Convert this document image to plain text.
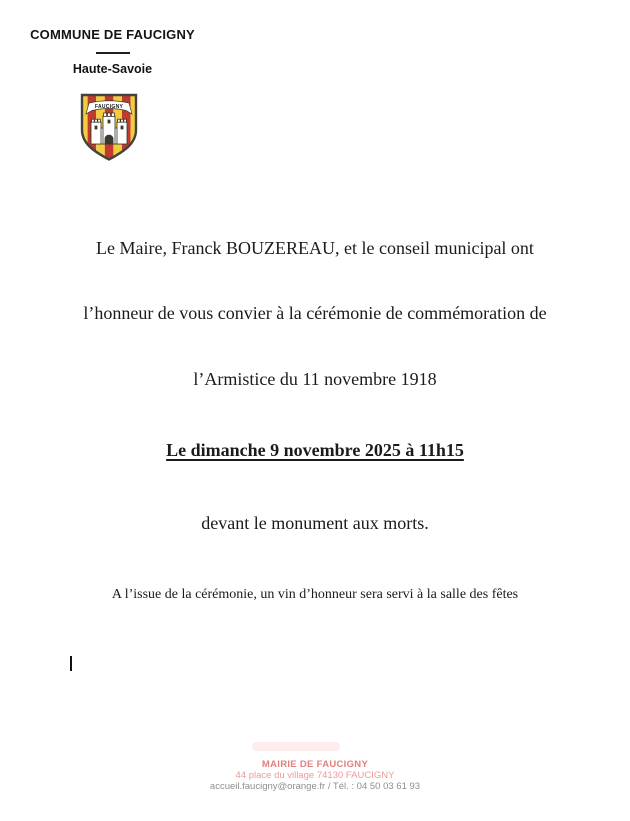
COMMUNE DE FAUCIGNY
Haute-Savoie
FAUCIGNY

Le Maire, Franck BOUZEREAU, et le conseil municipal ont

l’honneur de vous convier à la cérémonie de commémoration de

l’Armistice du 11 novembre 1918

Le dimanche 9 novembre 2025 à 11h15

devant le monument aux morts.

A l’issue de la cérémonie, un vin d’honneur sera servi à la salle des fêtes

MAIRIE DE FAUCIGNY
44 place du village 74130 FAUCIGNY
accueil.faucigny@orange.fr / Tél. : 04 50 03 61 93
